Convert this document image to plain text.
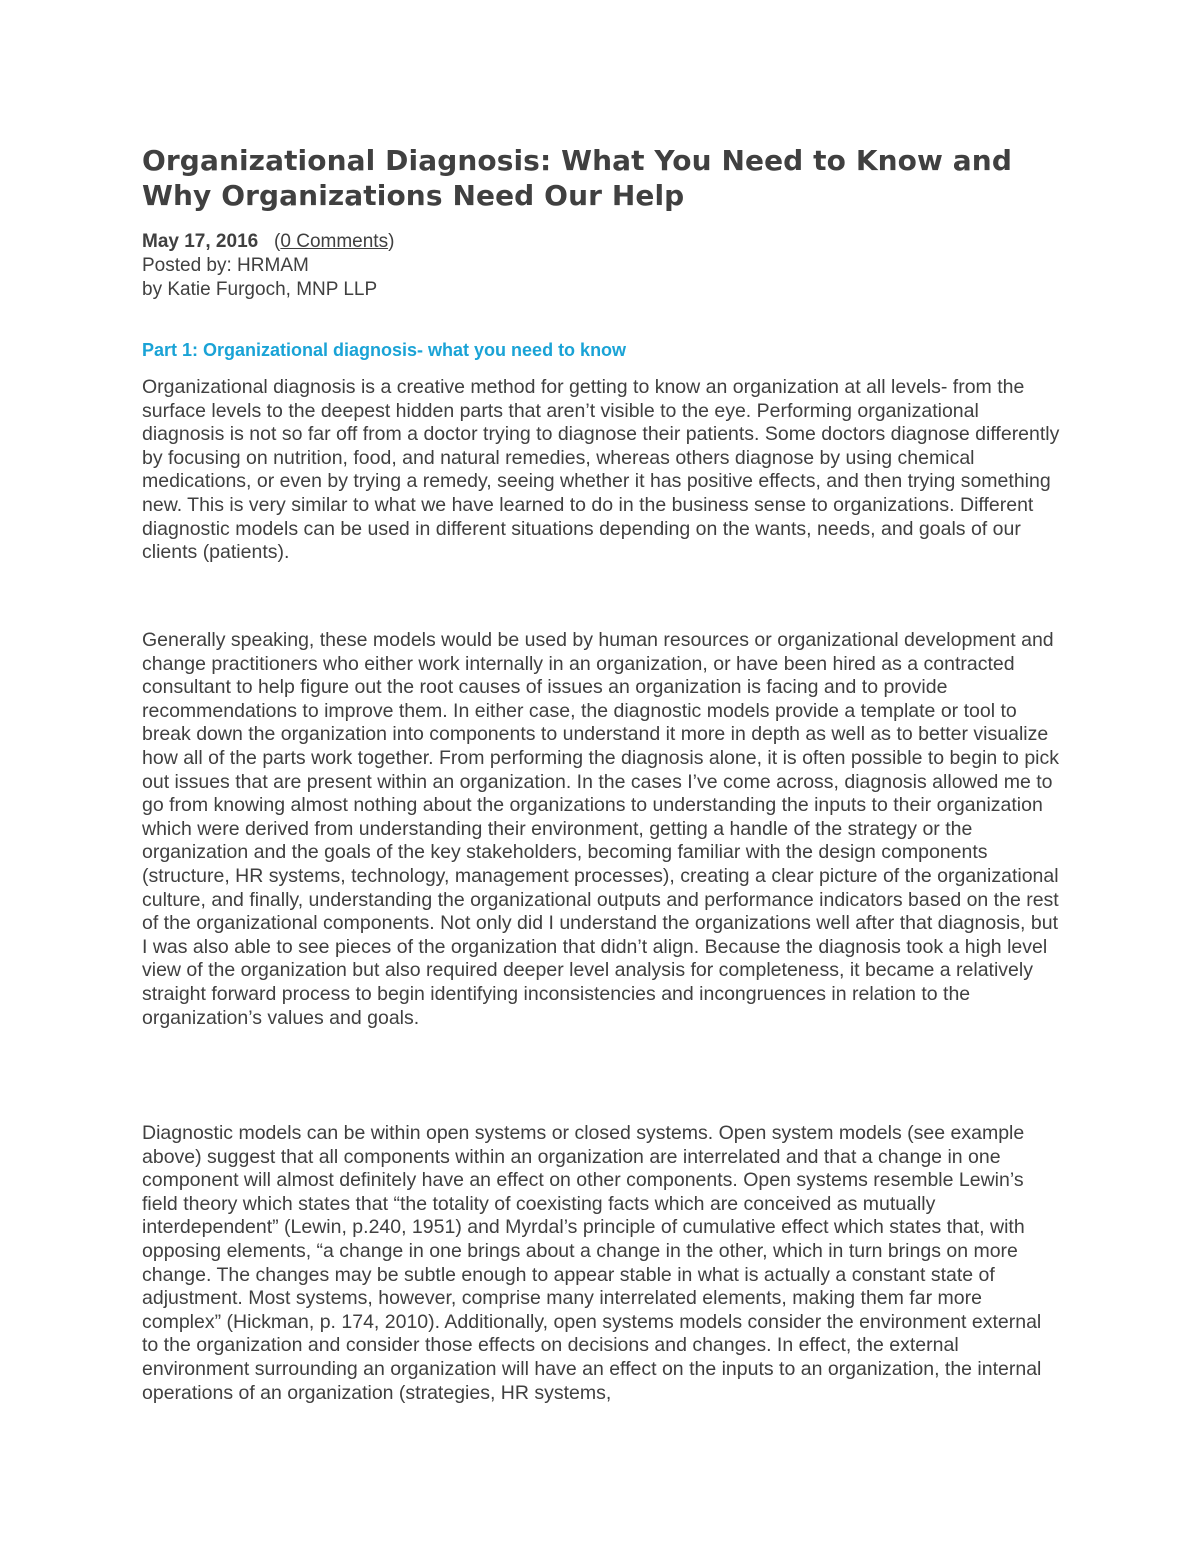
Organizational Diagnosis: What You Need to Know and Why Organizations Need Our Help
May 17, 2016 (0 Comments)
Posted by: HRMAM
by Katie Furgoch, MNP LLP
Part 1: Organizational diagnosis- what you need to know

Organizational diagnosis is a creative method for getting to know an organization at all levels- from the surface levels to the deepest hidden parts that aren’t visible to the eye. Performing organizational diagnosis is not so far off from a doctor trying to diagnose their patients. Some doctors diagnose differently by focusing on nutrition, food, and natural remedies, whereas others diagnose by using chemical medications, or even by trying a remedy, seeing whether it has positive effects, and then trying something new. This is very similar to what we have learned to do in the business sense to organizations. Different diagnostic models can be used in different situations depending on the wants, needs, and goals of our clients (patients).

Generally speaking, these models would be used by human resources or organizational development and change practitioners who either work internally in an organization, or have been hired as a contracted consultant to help figure out the root causes of issues an organization is facing and to provide recommendations to improve them. In either case, the diagnostic models provide a template or tool to break down the organization into components to understand it more in depth as well as to better visualize how all of the parts work together. From performing the diagnosis alone, it is often possible to begin to pick out issues that are present within an organization. In the cases I’ve come across, diagnosis allowed me to go from knowing almost nothing about the organizations to understanding the inputs to their organization which were derived from understanding their environment, getting a handle of the strategy or the organization and the goals of the key stakeholders, becoming familiar with the design components (structure, HR systems, technology, management processes), creating a clear picture of the organizational culture, and finally, understanding the organizational outputs and performance indicators based on the rest of the organizational components. Not only did I understand the organizations well after that diagnosis, but I was also able to see pieces of the organization that didn’t align. Because the diagnosis took a high level view of the organization but also required deeper level analysis for completeness, it became a relatively straight forward process to begin identifying inconsistencies and incongruences in relation to the organization’s values and goals.

Diagnostic models can be within open systems or closed systems. Open system models (see example above) suggest that all components within an organization are interrelated and that a change in one component will almost definitely have an effect on other components. Open systems resemble Lewin’s field theory which states that “the totality of coexisting facts which are conceived as mutually interdependent” (Lewin, p.240, 1951) and Myrdal’s principle of cumulative effect which states that, with opposing elements, “a change in one brings about a change in the other, which in turn brings on more change. The changes may be subtle enough to appear stable in what is actually a constant state of adjustment. Most systems, however, comprise many interrelated elements, making them far more complex” (Hickman, p. 174, 2010). Additionally, open systems models consider the environment external to the organization and consider those effects on decisions and changes. In effect, the external environment surrounding an organization will have an effect on the inputs to an organization, the internal operations of an organization (strategies, HR systems,
